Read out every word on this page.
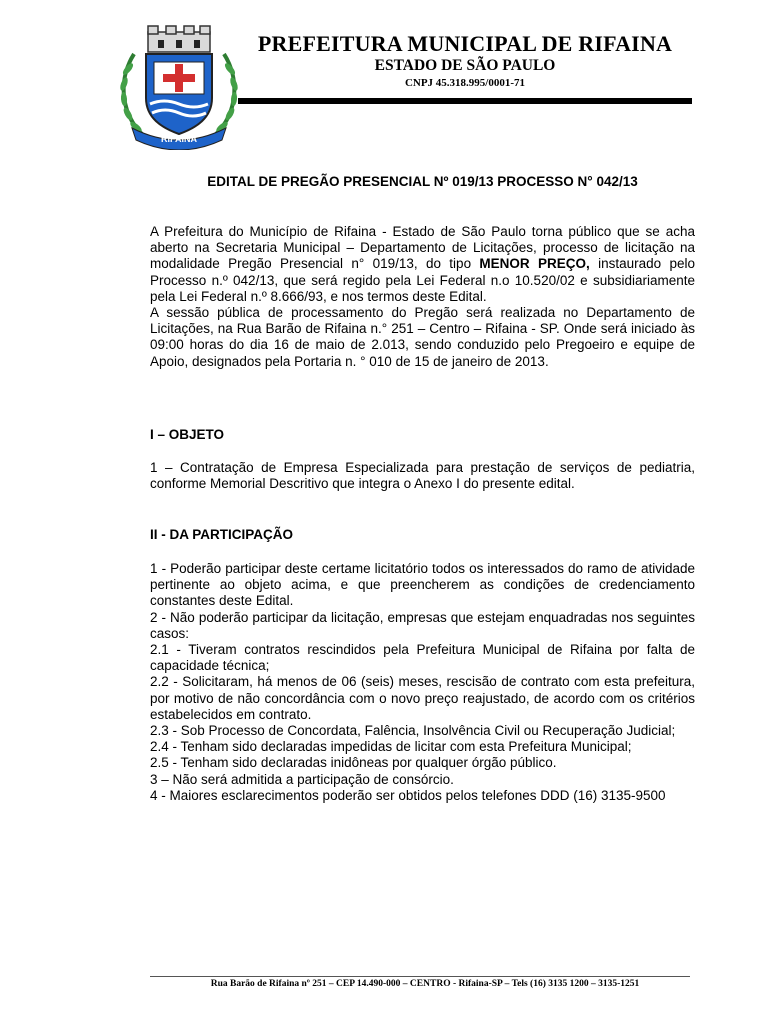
RIFAINA
PREFEITURA MUNICIPAL DE RIFAINA
ESTADO DE SÃO PAULO
CNPJ 45.318.995/0001-71
EDITAL DE PREGÃO PRESENCIAL Nº 019/13 PROCESSO N° 042/13

A Prefeitura do Município de Rifaina - Estado de São Paulo torna público que se acha aberto na Secretaria Municipal – Departamento de Licitações, processo de licitação na modalidade Pregão Presencial n° 019/13, do tipo MENOR PREÇO, instaurado pelo Processo n.º 042/13, que será regido pela Lei Federal n.o 10.520/02 e subsidiariamente pela Lei Federal n.º 8.666/93, e nos termos deste Edital.

A sessão pública de processamento do Pregão será realizada no Departamento de Licitações, na Rua Barão de Rifaina n.° 251 – Centro – Rifaina - SP. Onde será iniciado às 09:00 horas do dia 16 de maio de 2.013, sendo conduzido pelo Pregoeiro e equipe de Apoio, designados pela Portaria n. ° 010 de 15 de janeiro de 2013.

I – OBJETO

1 – Contratação de Empresa Especializada para prestação de serviços de pediatria, conforme Memorial Descritivo que integra o Anexo I do presente edital.

II - DA PARTICIPAÇÃO

1 - Poderão participar deste certame licitatório todos os interessados do ramo de atividade pertinente ao objeto acima, e que preencherem as condições de credenciamento constantes deste Edital.

2 - Não poderão participar da licitação, empresas que estejam enquadradas nos seguintes casos:

2.1 - Tiveram contratos rescindidos pela Prefeitura Municipal de Rifaina por falta de capacidade técnica;

2.2 - Solicitaram, há menos de 06 (seis) meses, rescisão de contrato com esta prefeitura, por motivo de não concordância com o novo preço reajustado, de acordo com os critérios estabelecidos em contrato.

2.3 - Sob Processo de Concordata, Falência, Insolvência Civil ou Recuperação Judicial;

2.4 - Tenham sido declaradas impedidas de licitar com esta Prefeitura Municipal;

2.5 - Tenham sido declaradas inidôneas por qualquer órgão público.

3 – Não será admitida a participação de consórcio.

4 - Maiores esclarecimentos poderão ser obtidos pelos telefones DDD (16) 3135-9500

Rua Barão de Rifaina nº 251 – CEP 14.490-000 – CENTRO - Rifaina-SP – Tels (16) 3135 1200 – 3135-1251
